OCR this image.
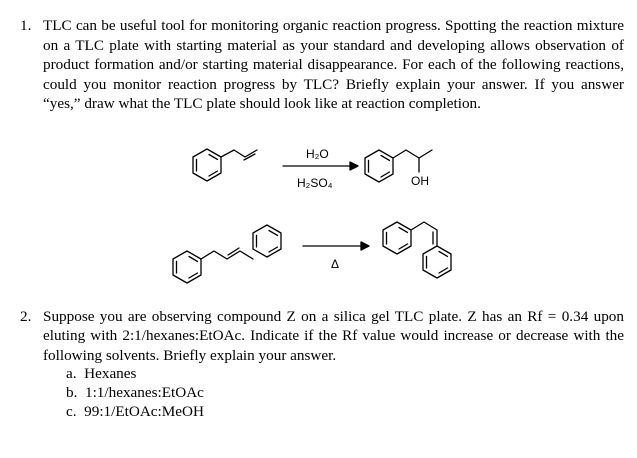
1. TLC can be useful tool for monitoring organic reaction progress. Spotting the reaction mixture on a TLC plate with starting material as your standard and developing allows observation of product formation and/or starting material disappearance. For each of the following reactions, could you monitor reaction progress by TLC? Briefly explain your answer. If you answer “yes,” draw what the TLC plate should look like at reaction completion.
H₂O
H₂SO₄	OH
Δ
2. Suppose you are observing compound Z on a silica gel TLC plate. Z has an Rf = 0.34 upon eluting with 2:1/hexanes:EtOAc. Indicate if the Rf value would increase or decrease with the following solvents. Briefly explain your answer.
a. Hexanes
b. 1:1/hexanes:EtOAc
c. 99:1/EtOAc:MeOH
